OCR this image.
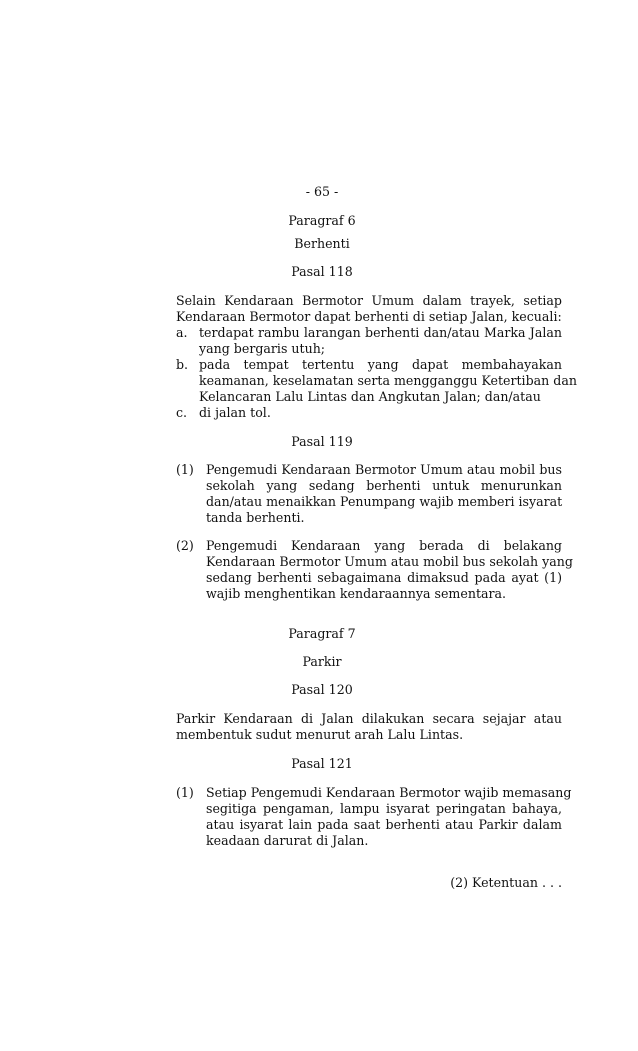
- 65 -
Paragraf 6
Berhenti
Pasal 118
Selain Kendaraan Bermotor Umum dalam trayek, setiap
Kendaraan Bermotor dapat berhenti di setiap Jalan, kecuali:
a. terdapat rambu larangan berhenti dan/atau Marka Jalan
yang bergaris utuh;
b. pada tempat tertentu yang dapat membahayakan
keamanan, keselamatan serta mengganggu Ketertiban dan
Kelancaran Lalu Lintas dan Angkutan Jalan; dan/atau
c. di jalan tol.
Pasal 119
(1) Pengemudi Kendaraan Bermotor Umum atau mobil bus
sekolah yang sedang berhenti untuk menurunkan
dan/atau menaikkan Penumpang wajib memberi isyarat
tanda berhenti.
(2) Pengemudi Kendaraan yang berada di belakang
Kendaraan Bermotor Umum atau mobil bus sekolah yang
sedang berhenti sebagaimana dimaksud pada ayat (1)
wajib menghentikan kendaraannya sementara.
Paragraf 7
Parkir
Pasal 120
Parkir Kendaraan di Jalan dilakukan secara sejajar atau
membentuk sudut menurut arah Lalu Lintas.
Pasal 121
(1) Setiap Pengemudi Kendaraan Bermotor wajib memasang
segitiga pengaman, lampu isyarat peringatan bahaya,
atau isyarat lain pada saat berhenti atau Parkir dalam
keadaan darurat di Jalan.
(2) Ketentuan . . .
